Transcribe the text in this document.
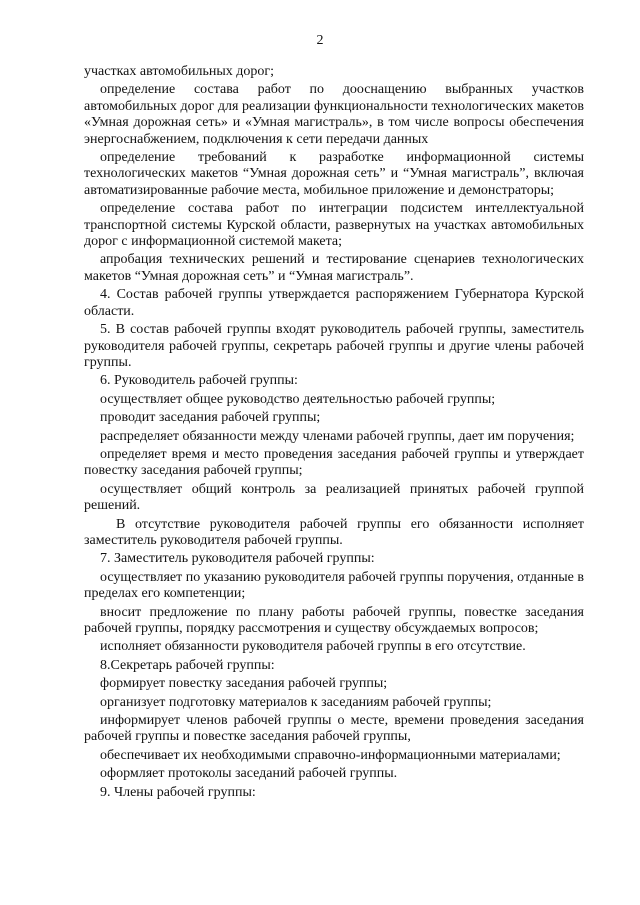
2

участках автомобильных дорог;

определение состава работ по дооснащению выбранных участков автомобильных дорог для реализации функциональности технологических макетов «Умная дорожная сеть» и «Умная магистраль», в том числе вопросы обеспечения энергоснабжением, подключения к сети передачи данных

определение требований к разработке информационной системы технологических макетов “Умная дорожная сеть” и “Умная магистраль”, включая автоматизированные рабочие места, мобильное приложение и демонстраторы;

определение состава работ по интеграции подсистем интеллектуальной транспортной системы Курской области, развернутых на участках автомобильных дорог с информационной системой макета;

апробация технических решений и тестирование сценариев технологических макетов “Умная дорожная сеть” и “Умная магистраль”.

4. Состав рабочей группы утверждается распоряжением Губернатора Курской области.

5. В состав рабочей группы входят руководитель рабочей группы, заместитель руководителя рабочей группы, секретарь рабочей группы и другие члены рабочей группы.

6. Руководитель рабочей группы:

осуществляет общее руководство деятельностью рабочей группы;

проводит заседания рабочей группы;

распределяет обязанности между членами рабочей группы, дает им поручения;

определяет время и место проведения заседания рабочей группы и утверждает повестку заседания рабочей группы;

осуществляет общий контроль за реализацией принятых рабочей группой решений.

В отсутствие руководителя рабочей группы его обязанности исполняет заместитель руководителя рабочей группы.

7. Заместитель руководителя рабочей группы:

осуществляет по указанию руководителя рабочей группы поручения, отданные в пределах его компетенции;

вносит предложение по плану работы рабочей группы, повестке заседания рабочей группы, порядку рассмотрения и существу обсуждаемых вопросов;

исполняет обязанности руководителя рабочей группы в его отсутствие.

8.Секретарь рабочей группы:

формирует повестку заседания рабочей группы;

организует подготовку материалов к заседаниям рабочей группы;

информирует членов рабочей группы о месте, времени проведения заседания рабочей группы и повестке заседания рабочей группы,

обеспечивает их необходимыми справочно-информационными материалами;

оформляет протоколы заседаний рабочей группы.

9. Члены рабочей группы:
